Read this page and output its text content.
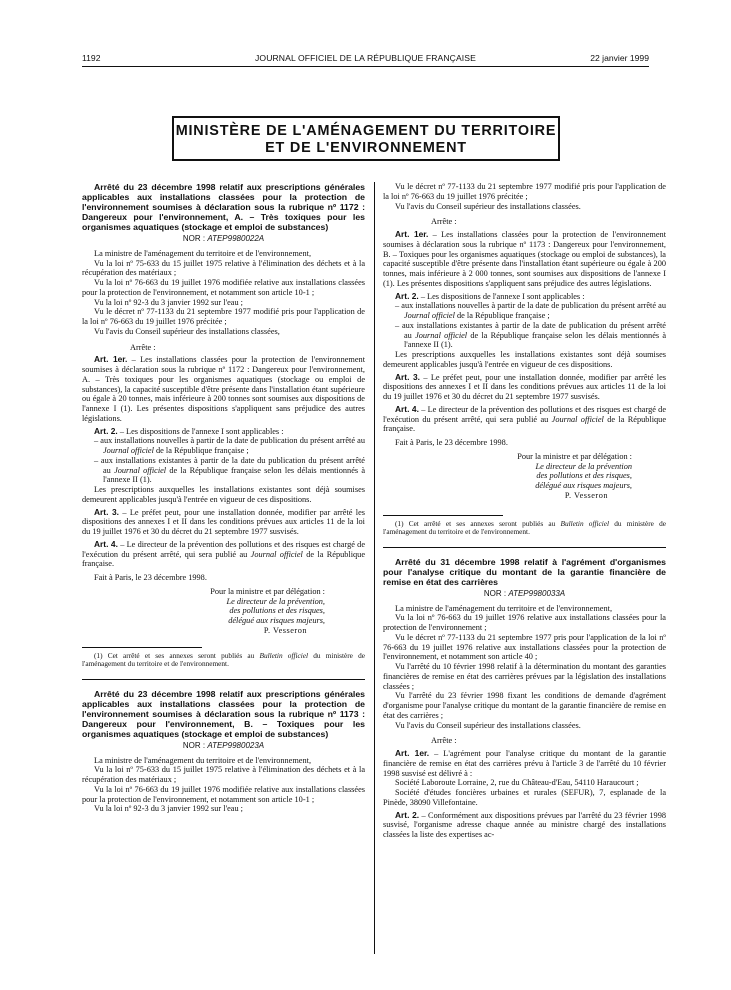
1192	JOURNAL OFFICIEL DE LA RÉPUBLIQUE FRANÇAISE	22 janvier 1999
MINISTÈRE DE L'AMÉNAGEMENT DU TERRITOIRE
ET DE L'ENVIRONNEMENT

Arrêté du 23 décembre 1998 relatif aux prescriptions générales applicables aux installations classées pour la protection de l'environnement soumises à déclaration sous la rubrique nº 1172 : Dangereux pour l'environnement, A. – Très toxiques pour les organismes aquatiques (stockage et emploi de substances)

NOR : ATEP9980022A

La ministre de l'aménagement du territoire et de l'environnement,

Vu la loi nº 75-633 du 15 juillet 1975 relative à l'élimination des déchets et à la récupération des matériaux ;

Vu la loi nº 76-663 du 19 juillet 1976 modifiée relative aux installations classées pour la protection de l'environnement, et notamment son article 10-1 ;

Vu la loi nº 92-3 du 3 janvier 1992 sur l'eau ;

Vu le décret nº 77-1133 du 21 septembre 1977 modifié pris pour l'application de la loi nº 76-663 du 19 juillet 1976 précitée ;

Vu l'avis du Conseil supérieur des installations classées,

Arrête :

Art. 1er. – Les installations classées pour la protection de l'environnement soumises à déclaration sous la rubrique nº 1172 : Dangereux pour l'environnement, A. – Très toxiques pour les organismes aquatiques (stockage ou emploi de substances), la capacité susceptible d'être présente dans l'installation étant supérieure ou égale à 20 tonnes, mais inférieure à 200 tonnes sont soumises aux dispositions de l'annexe I (1). Les présentes dispositions s'appliquent sans préjudice des autres législations.

Art. 2. – Les dispositions de l'annexe I sont applicables :

– aux installations nouvelles à partir de la date de publication du présent arrêté au Journal officiel de la République française ;

– aux installations existantes à partir de la date du publication du présent arrêté au Journal officiel de la République française selon les délais mentionnés à l'annexe II (1).

Les prescriptions auxquelles les installations existantes sont déjà soumises demeurent applicables jusqu'à l'entrée en vigueur de ces dispositions.

Art. 3. – Le préfet peut, pour une installation donnée, modifier par arrêté les dispositions des annexes I et II dans les conditions prévues aux articles 11 de la loi du 19 juillet 1976 et 30 du décret du 21 septembre 1977 susvisés.

Art. 4. – Le directeur de la prévention des pollutions et des risques est chargé de l'exécution du présent arrêté, qui sera publié au Journal officiel de la République française.

Fait à Paris, le 23 décembre 1998.

Pour la ministre et par délégation :

Le directeur de la prévention,

des pollutions et des risques,

délégué aux risques majeurs,

P. Vesseron

(1) Cet arrêté et ses annexes seront publiés au Bulletin officiel du ministère de l'aménagement du territoire et de l'environnement.

Arrêté du 23 décembre 1998 relatif aux prescriptions générales applicables aux installations classées pour la protection de l'environnement soumises à déclaration sous la rubrique nº 1173 : Dangereux pour l'environnement, B. – Toxiques pour les organismes aquatiques (stockage et emploi de substances)

NOR : ATEP9980023A

La ministre de l'aménagement du territoire et de l'environnement,

Vu la loi nº 75-633 du 15 juillet 1975 relative à l'élimination des déchets et à la récupération des matériaux ;

Vu la loi nº 76-663 du 19 juillet 1976 modifiée relative aux installations classées pour la protection de l'environnement, et notamment son article 10-1 ;

Vu la loi nº 92-3 du 3 janvier 1992 sur l'eau ;

Vu le décret nº 77-1133 du 21 septembre 1977 modifié pris pour l'application de la loi nº 76-663 du 19 juillet 1976 précitée ;

Vu l'avis du Conseil supérieur des installations classées.

Arrête :

Art. 1er. – Les installations classées pour la protection de l'environnement soumises à déclaration sous la rubrique nº 1173 : Dangereux pour l'environnement, B. – Toxiques pour les organismes aquatiques (stockage ou emploi de substances), la capacité susceptible d'être présente dans l'installation étant supérieure ou égale à 200 tonnes, mais inférieure à 2 000 tonnes, sont soumises aux dispositions de l'annexe I (1). Les présentes dispositions s'appliquent sans préjudice des autres législations.

Art. 2. – Les dispositions de l'annexe I sont applicables :

– aux installations nouvelles à partir de la date de publication du présent arrêté au Journal officiel de la République française ;

– aux installations existantes à partir de la date de publication du présent arrêté au Journal officiel de la République française selon les délais mentionnés à l'annexe II (1).

Les prescriptions auxquelles les installations existantes sont déjà soumises demeurent applicables jusqu'à l'entrée en vigueur de ces dispositions.

Art. 3. – Le préfet peut, pour une installation donnée, modifier par arrêté les dispositions des annexes I et II dans les conditions prévues aux articles 11 de la loi du 19 juillet 1976 et 30 du décret du 21 septembre 1977 susvisés.

Art. 4. – Le directeur de la prévention des pollutions et des risques est chargé de l'exécution du présent arrêté, qui sera publié au Journal officiel de la République française.

Fait à Paris, le 23 décembre 1998.

Pour la ministre et par délégation :

Le directeur de la prévention

des pollutions et des risques,

délégué aux risques majeurs,

P. Vesseron

(1) Cet arrêté et ses annexes seront publiés au Bulletin officiel du ministère de l'aménagement du territoire et de l'environnement.

Arrêté du 31 décembre 1998 relatif à l'agrément d'organismes pour l'analyse critique du montant de la garantie financière de remise en état des carrières

NOR : ATEP9980033A

La ministre de l'aménagement du territoire et de l'environnement,

Vu la loi nº 76-663 du 19 juillet 1976 relative aux installations classées pour la protection de l'environnement ;

Vu le décret nº 77-1133 du 21 septembre 1977 pris pour l'application de la loi nº 76-663 du 19 juillet 1976 relative aux installations classées pour la protection de l'environnement, et notamment son article 40 ;

Vu l'arrêté du 10 février 1998 relatif à la détermination du montant des garanties financières de remise en état des carrières prévues par la législation des installations classées ;

Vu l'arrêté du 23 février 1998 fixant les conditions de demande d'agrément d'organisme pour l'analyse critique du montant de la garantie financière de remise en état des carrières ;

Vu l'avis du Conseil supérieur des installations classées.

Arrête :

Art. 1er. – L'agrément pour l'analyse critique du montant de la garantie financière de remise en état des carrières prévu à l'article 3 de l'arrêté du 10 février 1998 susvisé est délivré à :

Société Laboroute Lorraine, 2, rue du Château-d'Eau, 54110 Haraucourt ;

Société d'études foncières urbaines et rurales (SEFUR), 7, esplanade de la Pinède, 38090 Villefontaine.

Art. 2. – Conformément aux dispositions prévues par l'arrêté du 23 février 1998 susvisé, l'organisme adresse chaque année au ministre chargé des installations classées la liste des expertises ac-
